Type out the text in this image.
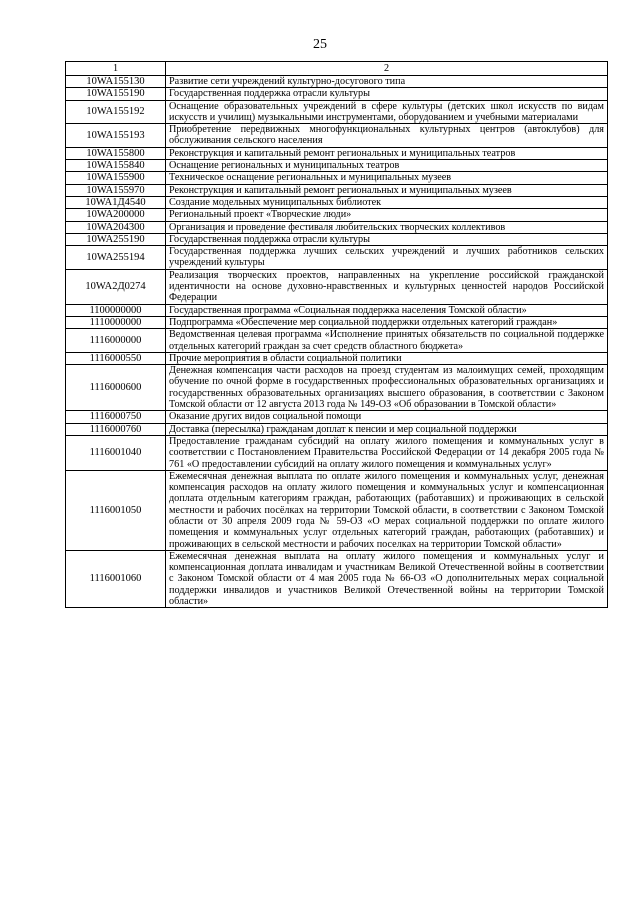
25
1	2
10WA155130	Развитие сети учреждений культурно-досугового типа
10WA155190	Государственная поддержка отрасли культуры
10WA155192	Оснащение образовательных учреждений в сфере культуры (детских школ искусств по видам искусств и училищ) музыкальными инструментами, оборудованием и учебными материалами
10WA155193	Приобретение передвижных многофункциональных культурных центров (автоклубов) для обслуживания сельского населения
10WA155800	Реконструкция и капитальный ремонт региональных и муниципальных театров
10WA155840	Оснащение региональных и муниципальных театров
10WA155900	Техническое оснащение региональных и муниципальных музеев
10WA155970	Реконструкция и капитальный ремонт региональных и муниципальных музеев
10WA1Д4540	Создание модельных муниципальных библиотек
10WA200000	Региональный проект «Творческие люди»
10WA204300	Организация и проведение фестиваля любительских творческих коллективов
10WA255190	Государственная поддержка отрасли культуры
10WA255194	Государственная поддержка лучших сельских учреждений и лучших работников сельских учреждений культуры
10WA2Д0274	Реализация творческих проектов, направленных на укрепление российской гражданской идентичности на основе духовно-нравственных и культурных ценностей народов Российской Федерации
1100000000	Государственная программа «Социальная поддержка населения Томской области»
1110000000	Подпрограмма «Обеспечение мер социальной поддержки отдельных категорий граждан»
1116000000	Ведомственная целевая программа «Исполнение принятых обязательств по социальной поддержке отдельных категорий граждан за счет средств областного бюджета»
1116000550	Прочие мероприятия в области социальной политики
1116000600	Денежная компенсация части расходов на проезд студентам из малоимущих семей, проходящим обучение по очной форме в государственных профессиональных образовательных организациях и государственных образовательных организациях высшего образования, в соответствии с Законом Томской области от 12 августа 2013 года № 149-ОЗ «Об образовании в Томской области»
1116000750	Оказание других видов социальной помощи
1116000760	Доставка (пересылка) гражданам доплат к пенсии и мер социальной поддержки
1116001040	Предоставление гражданам субсидий на оплату жилого помещения и коммунальных услуг в соответствии с Постановлением Правительства Российской Федерации от 14 декабря 2005 года № 761 «О предоставлении субсидий на оплату жилого помещения и коммунальных услуг»
1116001050	Ежемесячная денежная выплата по оплате жилого помещения и коммунальных услуг, денежная компенсация расходов на оплату жилого помещения и коммунальных услуг и компенсационная доплата отдельным категориям граждан, работающих (работавших) и проживающих в сельской местности и рабочих посёлках на территории Томской области, в соответствии с Законом Томской области от 30 апреля 2009 года № 59-ОЗ «О мерах социальной поддержки по оплате жилого помещения и коммунальных услуг отдельных категорий граждан, работающих (работавших) и проживающих в сельской местности и рабочих поселках на территории Томской области»
1116001060	Ежемесячная денежная выплата на оплату жилого помещения и коммунальных услуг и компенсационная доплата инвалидам и участникам Великой Отечественной войны в соответствии с Законом Томской области от 4 мая 2005 года № 66-ОЗ «О дополнительных мерах социальной поддержки инвалидов и участников Великой Отечественной войны на территории Томской области»
